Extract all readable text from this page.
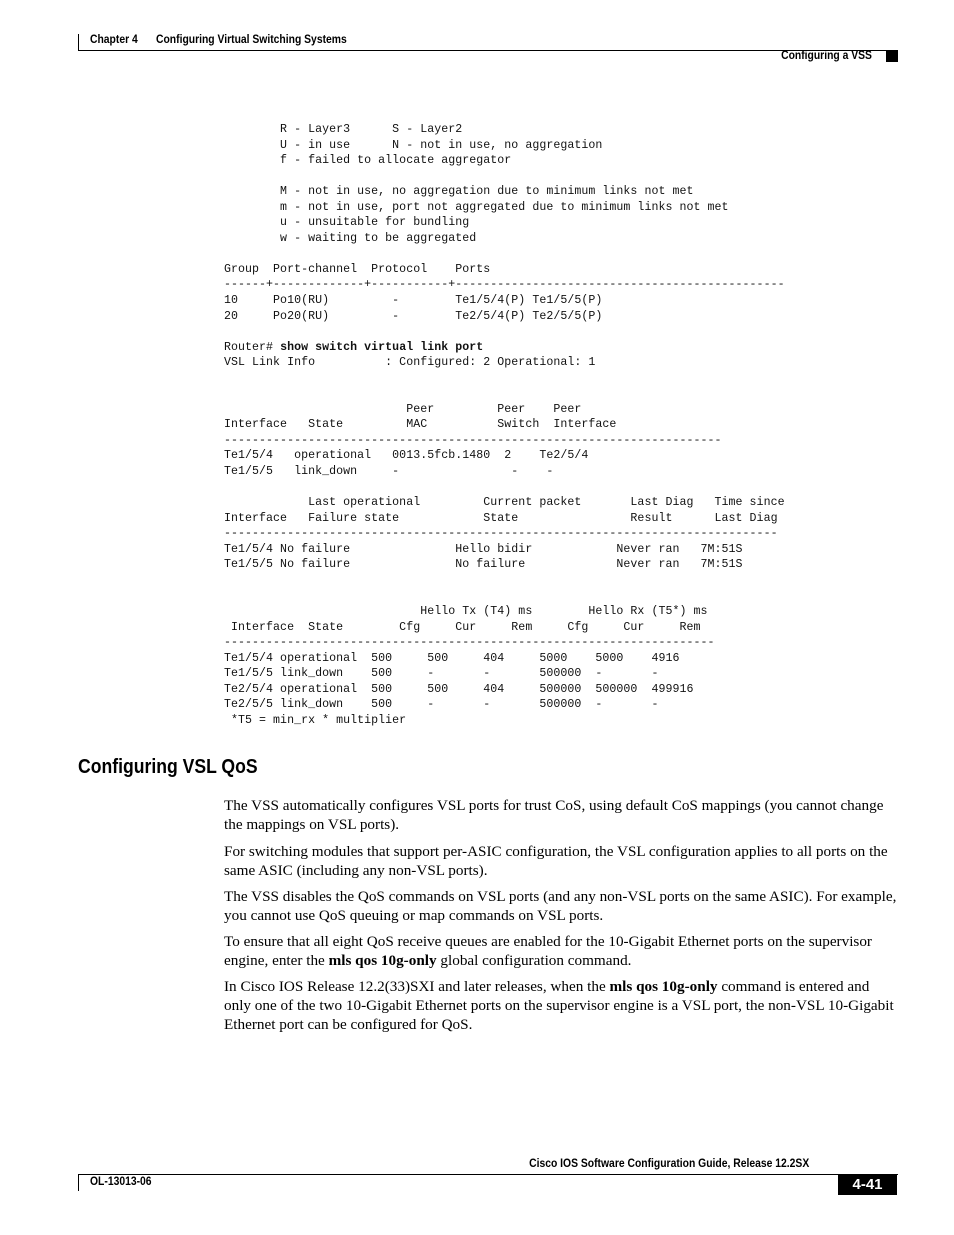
Chapter 4 Configuring Virtual Switching Systems
Configuring a VSS
R - Layer3      S - Layer2
U - in use      N - not in use, no aggregation
f - failed to allocate aggregator
M - not in use, no aggregation due to minimum links not met
m - not in use, port not aggregated due to minimum links not met
u - unsuitable for bundling
w - waiting to be aggregated
Group  Port-channel  Protocol    Ports
------+-------------+-----------+-----------------------------------------------
10     Po10(RU)         -        Te1/5/4(P) Te1/5/5(P)
20     Po20(RU)         -        Te2/5/4(P) Te2/5/5(P)
Router# show switch virtual link port
VSL Link Info          : Configured: 2 Operational: 1
Peer         Peer    Peer
Interface   State         MAC          Switch  Interface
-----------------------------------------------------------------------
Te1/5/4   operational   0013.5fcb.1480  2    Te2/5/4
Te1/5/5   link_down     -                -    -
Last operational         Current packet       Last Diag   Time since
Interface   Failure state            State                Result      Last Diag
-------------------------------------------------------------------------------
Te1/5/4 No failure               Hello bidir            Never ran   7M:51S
Te1/5/5 No failure               No failure             Never ran   7M:51S
Hello Tx (T4) ms        Hello Rx (T5*) ms
Interface  State        Cfg     Cur     Rem     Cfg     Cur     Rem
----------------------------------------------------------------------
Te1/5/4 operational  500     500     404     5000    5000    4916
Te1/5/5 link_down    500     -       -       500000  -       -
Te2/5/4 operational  500     500     404     500000  500000  499916
Te2/5/5 link_down    500     -       -       500000  -       -
*T5 = min_rx * multiplier
Configuring VSL QoS

The VSS automatically configures VSL ports for trust CoS, using default CoS mappings (you cannot change the mappings on VSL ports).

For switching modules that support per-ASIC configuration, the VSL configuration applies to all ports on the same ASIC (including any non-VSL ports).

The VSS disables the QoS commands on VSL ports (and any non-VSL ports on the same ASIC). For example, you cannot use QoS queuing or map commands on VSL ports.

To ensure that all eight QoS receive queues are enabled for the 10-Gigabit Ethernet ports on the supervisor engine, enter the mls qos 10g-only global configuration command.

In Cisco IOS Release 12.2(33)SXI and later releases, when the mls qos 10g-only command is entered and only one of the two 10-Gigabit Ethernet ports on the supervisor engine is a VSL port, the non-VSL 10-Gigabit Ethernet port can be configured for QoS.

Cisco IOS Software Configuration Guide, Release 12.2SX
OL-13013-06	4-41
